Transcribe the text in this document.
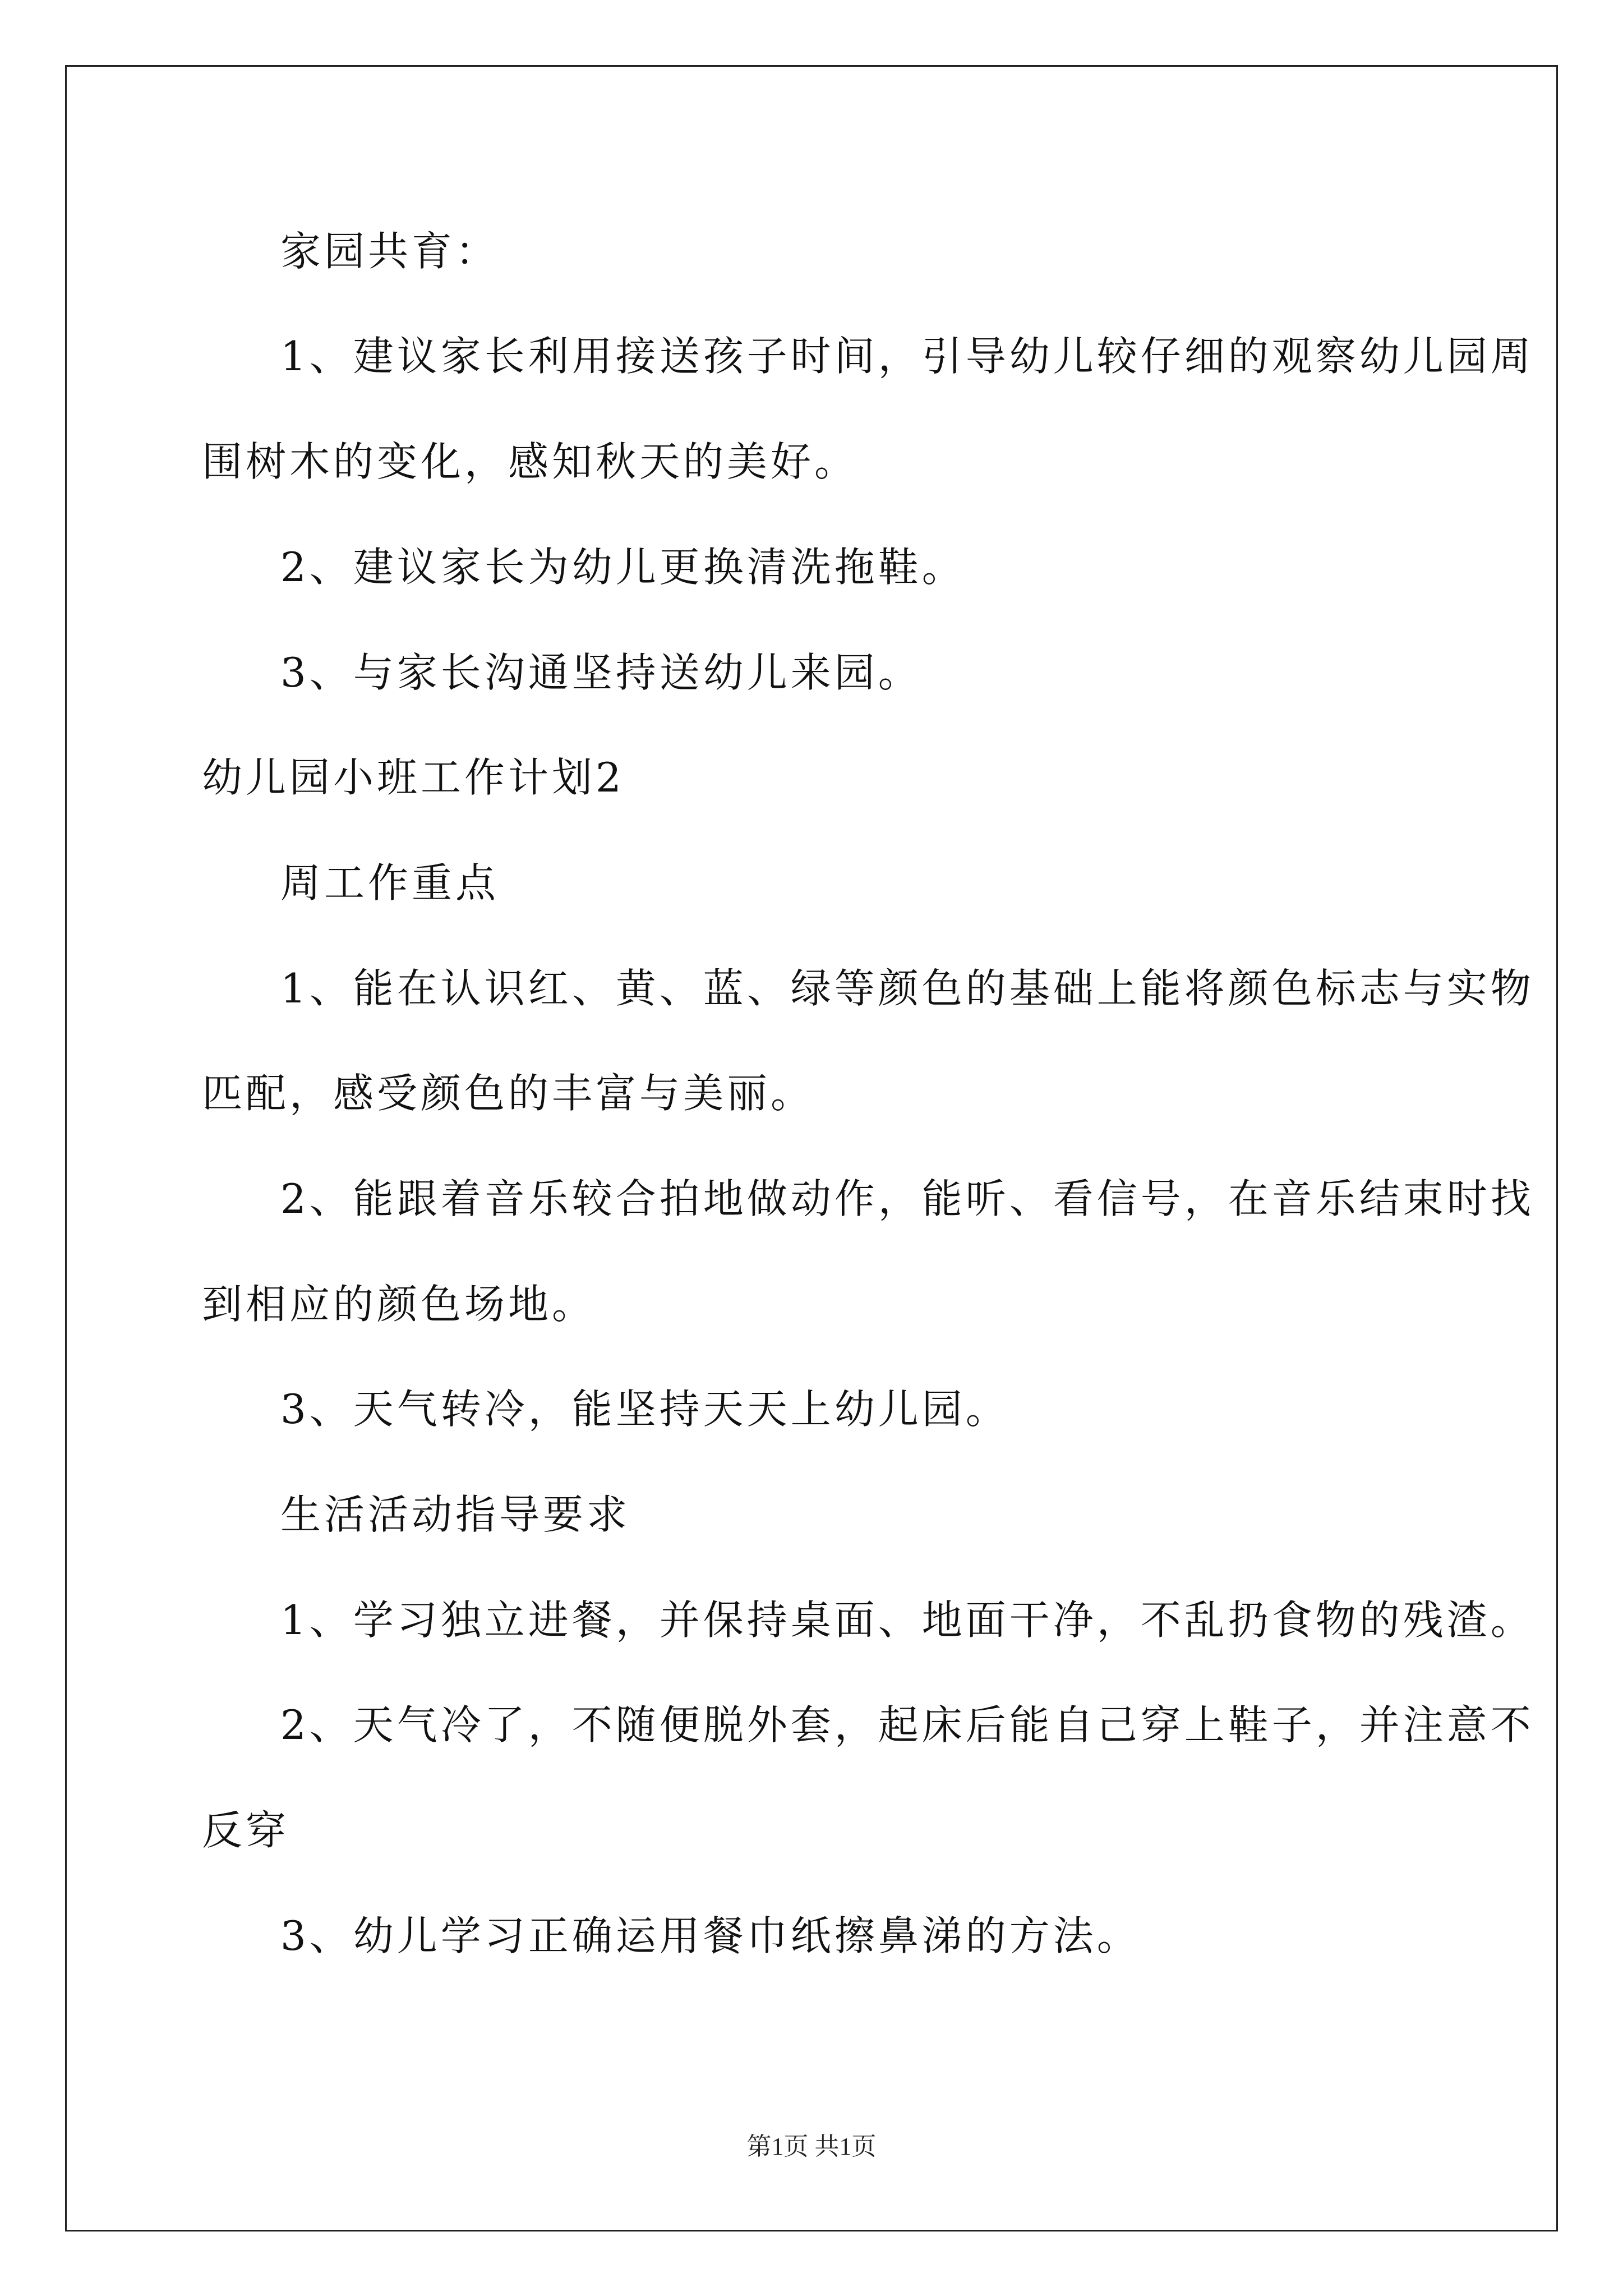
家园共育：
1、建议家长利用接送孩子时间，引导幼儿较仔细的观察幼儿园周
围树木的变化，感知秋天的美好。
2、建议家长为幼儿更换清洗拖鞋。
3、与家长沟通坚持送幼儿来园。
幼儿园小班工作计划2
周工作重点
1、能在认识红、黄、蓝、绿等颜色的基础上能将颜色标志与实物
匹配，感受颜色的丰富与美丽。
2、能跟着音乐较合拍地做动作，能听、看信号，在音乐结束时找
到相应的颜色场地。
3、天气转冷，能坚持天天上幼儿园。
生活活动指导要求
1、学习独立进餐，并保持桌面、地面干净，不乱扔食物的残渣。
2、天气冷了，不随便脱外套，起床后能自己穿上鞋子，并注意不
反穿
3、幼儿学习正确运用餐巾纸擦鼻涕的方法。
第1页 共1页
